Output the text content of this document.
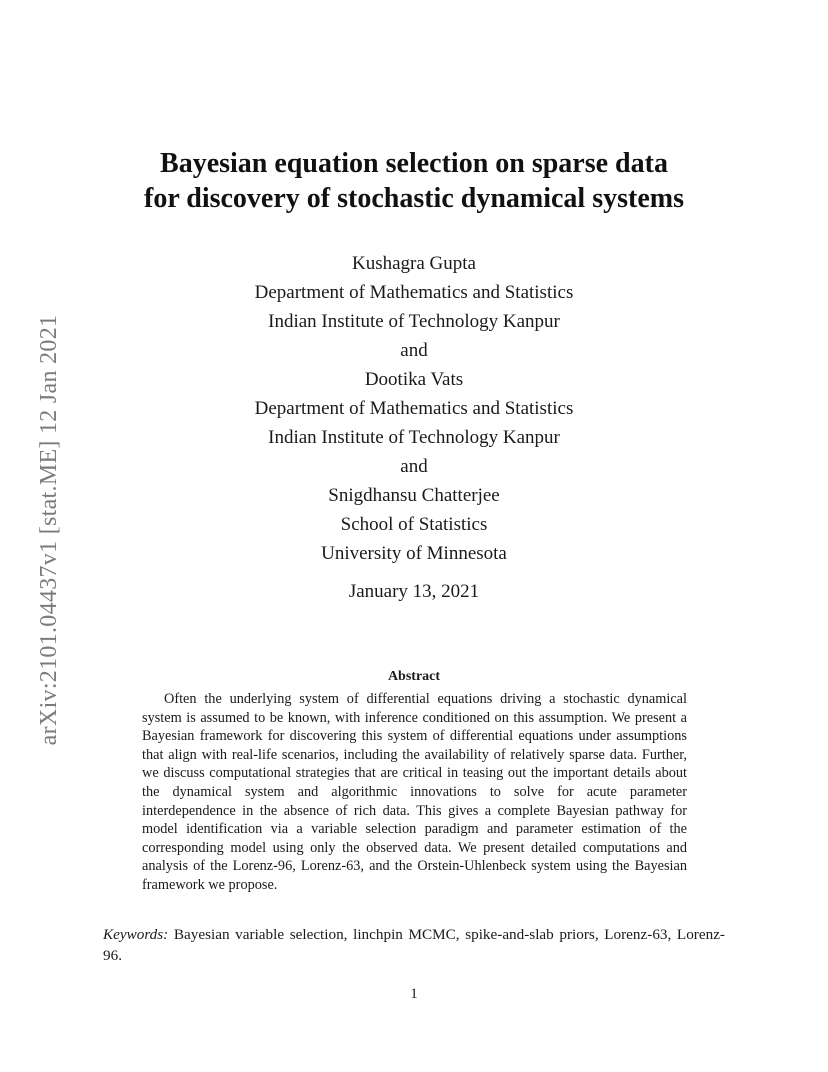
arXiv:2101.04437v1 [stat.ME] 12 Jan 2021
Bayesian equation selection on sparse data
for discovery of stochastic dynamical systems
Kushagra Gupta
Department of Mathematics and Statistics
Indian Institute of Technology Kanpur
and
Dootika Vats
Department of Mathematics and Statistics
Indian Institute of Technology Kanpur
and
Snigdhansu Chatterjee
School of Statistics
University of Minnesota
January 13, 2021
Abstract

Often the underlying system of differential equations driving a stochastic dynamical system is assumed to be known, with inference conditioned on this assumption. We present a Bayesian framework for discovering this system of differential equations under assumptions that align with real-life scenarios, including the availability of relatively sparse data. Further, we discuss computational strategies that are critical in teasing out the important details about the dynamical system and algorithmic innovations to solve for acute parameter interdependence in the absence of rich data. This gives a complete Bayesian pathway for model identification via a variable selection paradigm and parameter estimation of the corresponding model using only the observed data. We present detailed computations and analysis of the Lorenz-96, Lorenz-63, and the Orstein-Uhlenbeck system using the Bayesian framework we propose.

Keywords: Bayesian variable selection, linchpin MCMC, spike-and-slab priors, Lorenz-63, Lorenz-96.

1
